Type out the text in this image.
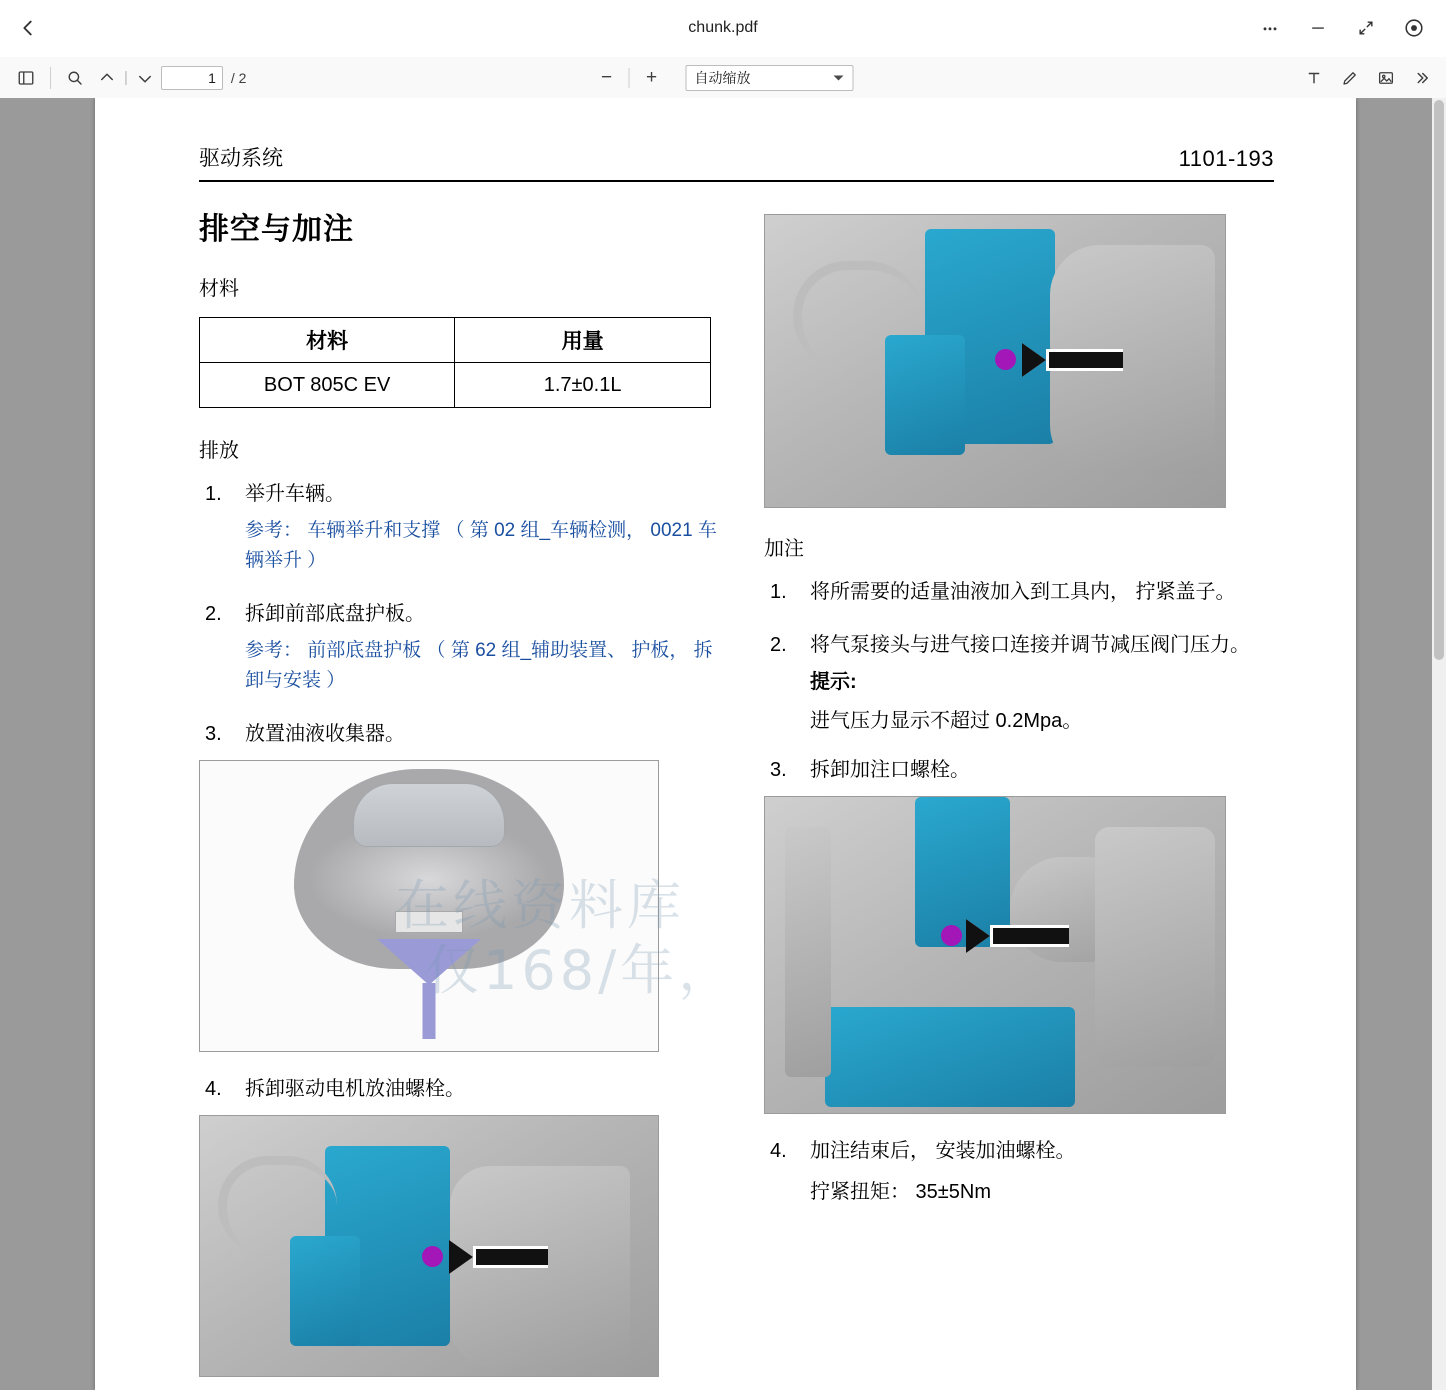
chunk.pdf
|
1	/ 2	−	+	自动缩放
驱动系统	1101-193
排空与加注
材料
材料	用量
BOT 805C EV	1.7±0.1L
排放
1.	举升车辆。
参考： 车辆举升和支撑 （ 第 02 组_车辆检测， 0021 车辆举升 ）
2.	拆卸前部底盘护板。
参考： 前部底盘护板 （ 第 62 组_辅助装置、 护板， 拆卸与安装 ）
3.	放置油液收集器。
4.	拆卸驱动电机放油螺栓。
加注
1.	将所需要的适量油液加入到工具内， 拧紧盖子。
2.	将气泵接头与进气接口连接并调节减压阀门压力。
提示:
进气压力显示不超过 0.2Mpa。
3.	拆卸加注口螺栓。
4.	加注结束后， 安装加油螺栓。
拧紧扭矩： 35±5Nm
在线资料库
仅168/年，
